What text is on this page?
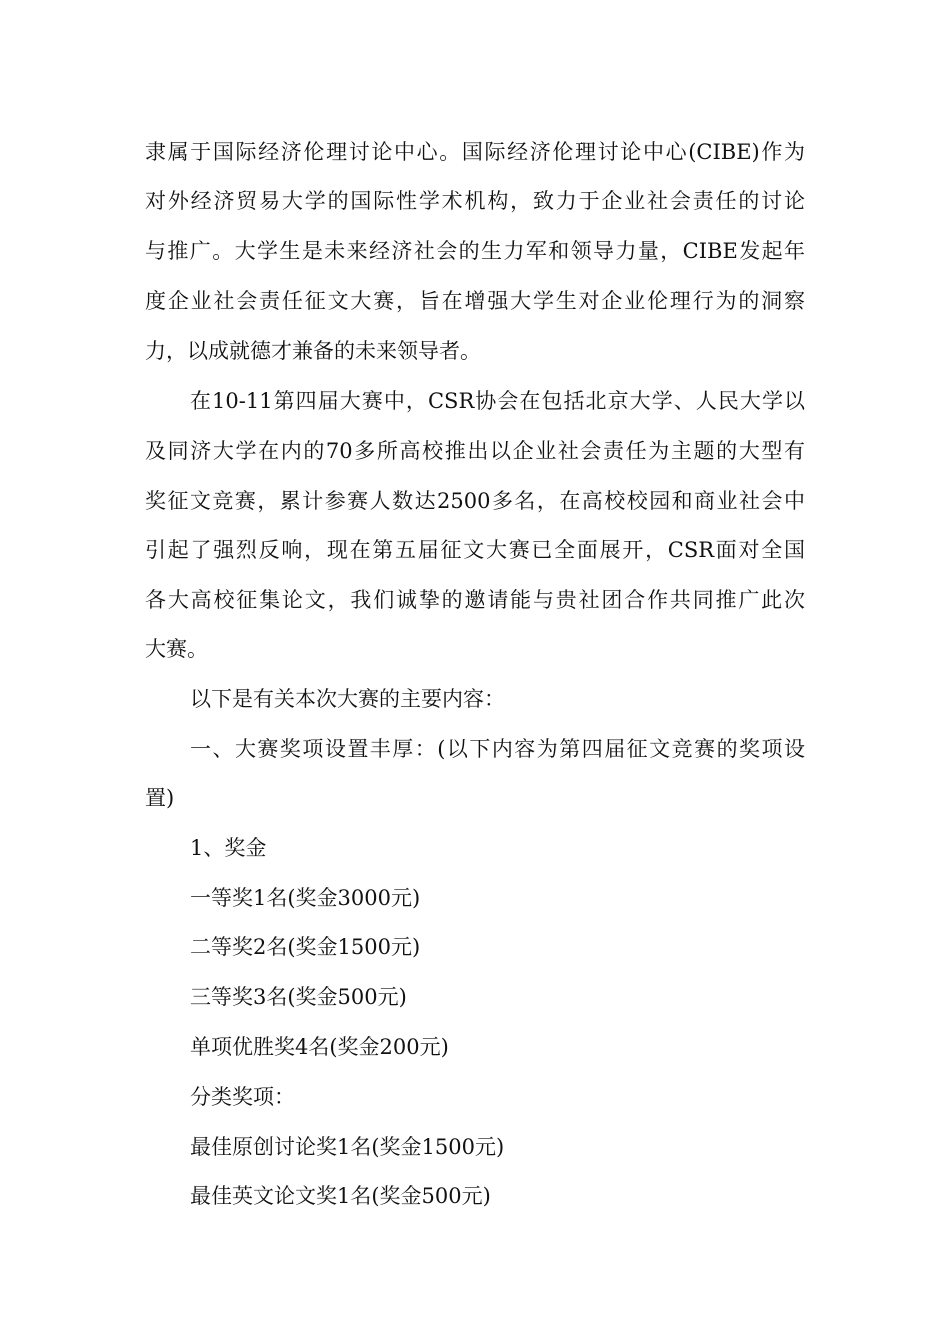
隶属于国际经济伦理讨论中心。国际经济伦理讨论中心(CIBE)作为
对外经济贸易大学的国际性学术机构，致力于企业社会责任的讨论
与推广。大学生是未来经济社会的生力军和领导力量，CIBE发起年
度企业社会责任征文大赛，旨在增强大学生对企业伦理行为的洞察
力，以成就德才兼备的未来领导者。
在10-11第四届大赛中，CSR协会在包括北京大学、人民大学以
及同济大学在内的70多所高校推出以企业社会责任为主题的大型有
奖征文竞赛，累计参赛人数达2500多名，在高校校园和商业社会中
引起了强烈反响，现在第五届征文大赛已全面展开，CSR面对全国
各大高校征集论文，我们诚挚的邀请能与贵社团合作共同推广此次
大赛。
以下是有关本次大赛的主要内容：
一、大赛奖项设置丰厚：(以下内容为第四届征文竞赛的奖项设
置)
1、奖金
一等奖1名(奖金3000元)
二等奖2名(奖金1500元)
三等奖3名(奖金500元)
单项优胜奖4名(奖金200元)
分类奖项：
最佳原创讨论奖1名(奖金1500元)
最佳英文论文奖1名(奖金500元)
